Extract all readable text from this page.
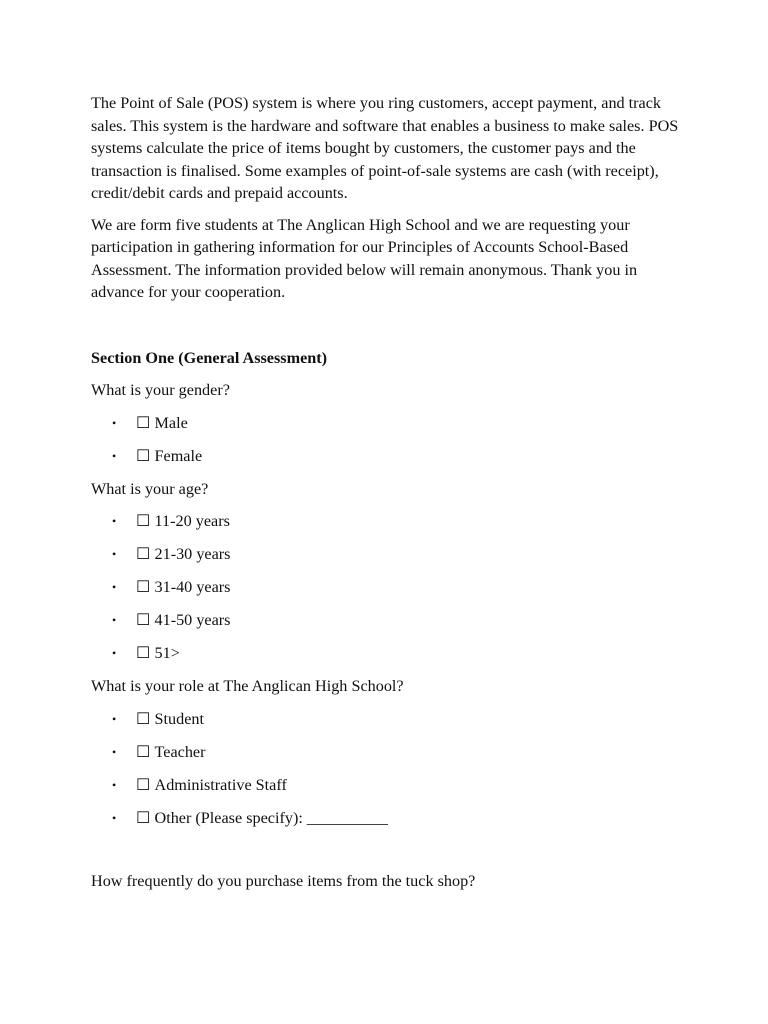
The Point of Sale (POS) system is where you ring customers, accept payment, and track sales. This system is the hardware and software that enables a business to make sales. POS systems calculate the price of items bought by customers, the customer pays and the transaction is finalised. Some examples of point-of-sale systems are cash (with receipt), credit/debit cards and prepaid accounts.

We are form five students at The Anglican High School and we are requesting your participation in gathering information for our Principles of Accounts School-Based Assessment. The information provided below will remain anonymous. Thank you in advance for your cooperation.

Section One (General Assessment)

What is your gender?

• ☐ Male
• ☐ Female

What is your age?

• ☐ 11-20 years
• ☐ 21-30 years
• ☐ 31-40 years
• ☐ 41-50 years
• ☐ 51>

What is your role at The Anglican High School?

• ☐ Student
• ☐ Teacher
• ☐ Administrative Staff
• ☐ Other (Please specify): __________

How frequently do you purchase items from the tuck shop?
